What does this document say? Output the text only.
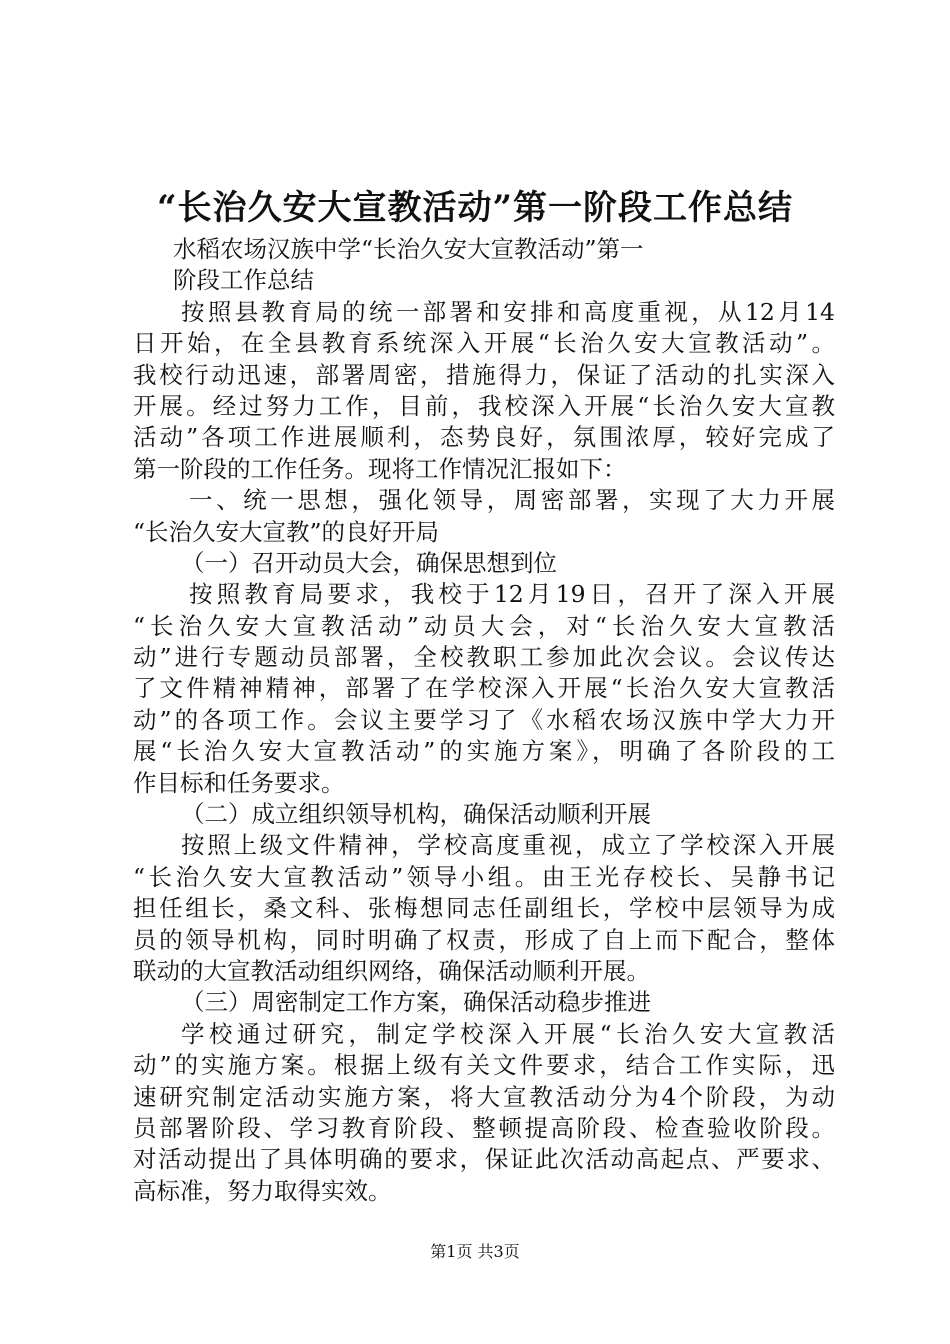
“长治久安大宣教活动”第一阶段工作总结
水稻农场汉族中学“长治久安大宣教活动”第一
阶段工作总结
按照县教育局的统一部署和安排和高度重视，从12月14
日开始，在全县教育系统深入开展“长治久安大宣教活动”。
我校行动迅速，部署周密，措施得力，保证了活动的扎实深入
开展。经过努力工作，目前，我校深入开展“长治久安大宣教
活动”各项工作进展顺利，态势良好，氛围浓厚，较好完成了
第一阶段的工作任务。现将工作情况汇报如下：
一、统一思想，强化领导，周密部署，实现了大力开展
“长治久安大宣教”的良好开局
（一）召开动员大会，确保思想到位
按照教育局要求，我校于12月19日，召开了深入开展
“长治久安大宣教活动”动员大会，对“长治久安大宣教活
动”进行专题动员部署，全校教职工参加此次会议。会议传达
了文件精神精神，部署了在学校深入开展“长治久安大宣教活
动”的各项工作。会议主要学习了《水稻农场汉族中学大力开
展“长治久安大宣教活动”的实施方案》，明确了各阶段的工
作目标和任务要求。
（二）成立组织领导机构，确保活动顺利开展
按照上级文件精神，学校高度重视，成立了学校深入开展
“长治久安大宣教活动”领导小组。由王光存校长、吴静书记
担任组长，桑文科、张梅想同志任副组长，学校中层领导为成
员的领导机构，同时明确了权责，形成了自上而下配合，整体
联动的大宣教活动组织网络，确保活动顺利开展。
（三）周密制定工作方案，确保活动稳步推进
学校通过研究，制定学校深入开展“长治久安大宣教活
动”的实施方案。根据上级有关文件要求，结合工作实际，迅
速研究制定活动实施方案，将大宣教活动分为4个阶段，为动
员部署阶段、学习教育阶段、整顿提高阶段、检查验收阶段。
对活动提出了具体明确的要求，保证此次活动高起点、严要求、
高标准，努力取得实效。
第1页 共3页
